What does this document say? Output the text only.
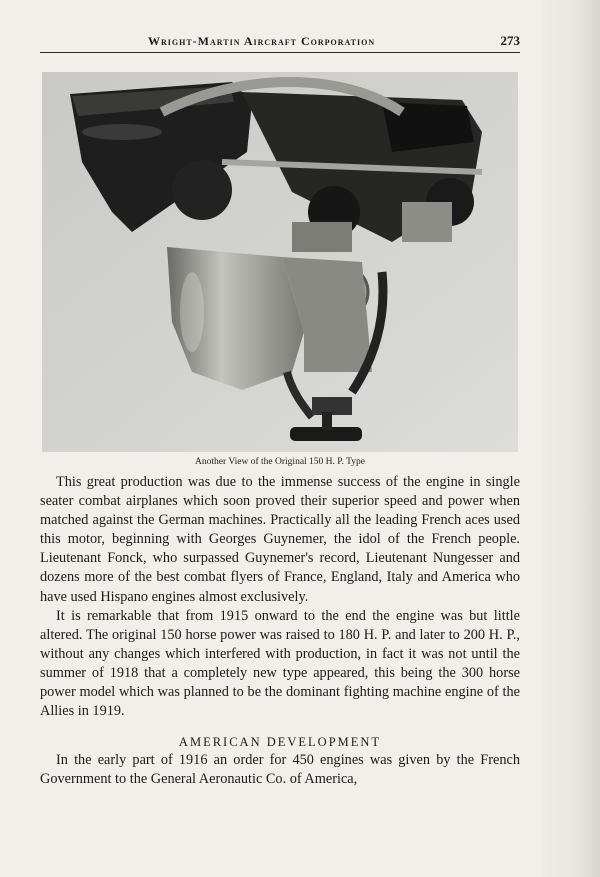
Wright-Martin Aircraft Corporation	273
Another View of the Original 150 H. P. Type

This great production was due to the immense success of the engine in single seater combat airplanes which soon proved their superior speed and power when matched against the German machines. Practically all the leading French aces used this motor, beginning with Georges Guynemer, the idol of the French people. Lieutenant Fonck, who surpassed Guynemer's record, Lieutenant Nungesser and dozens more of the best combat flyers of France, England, Italy and America who have used Hispano engines almost exclusively.

It is remarkable that from 1915 onward to the end the engine was but little altered. The original 150 horse power was raised to 180 H. P. and later to 200 H. P., without any changes which interfered with production, in fact it was not until the summer of 1918 that a completely new type appeared, this being the 300 horse power model which was planned to be the dominant fighting machine engine of the Allies in 1919.

AMERICAN DEVELOPMENT

In the early part of 1916 an order for 450 engines was given by the French Government to the General Aeronautic Co. of America,
